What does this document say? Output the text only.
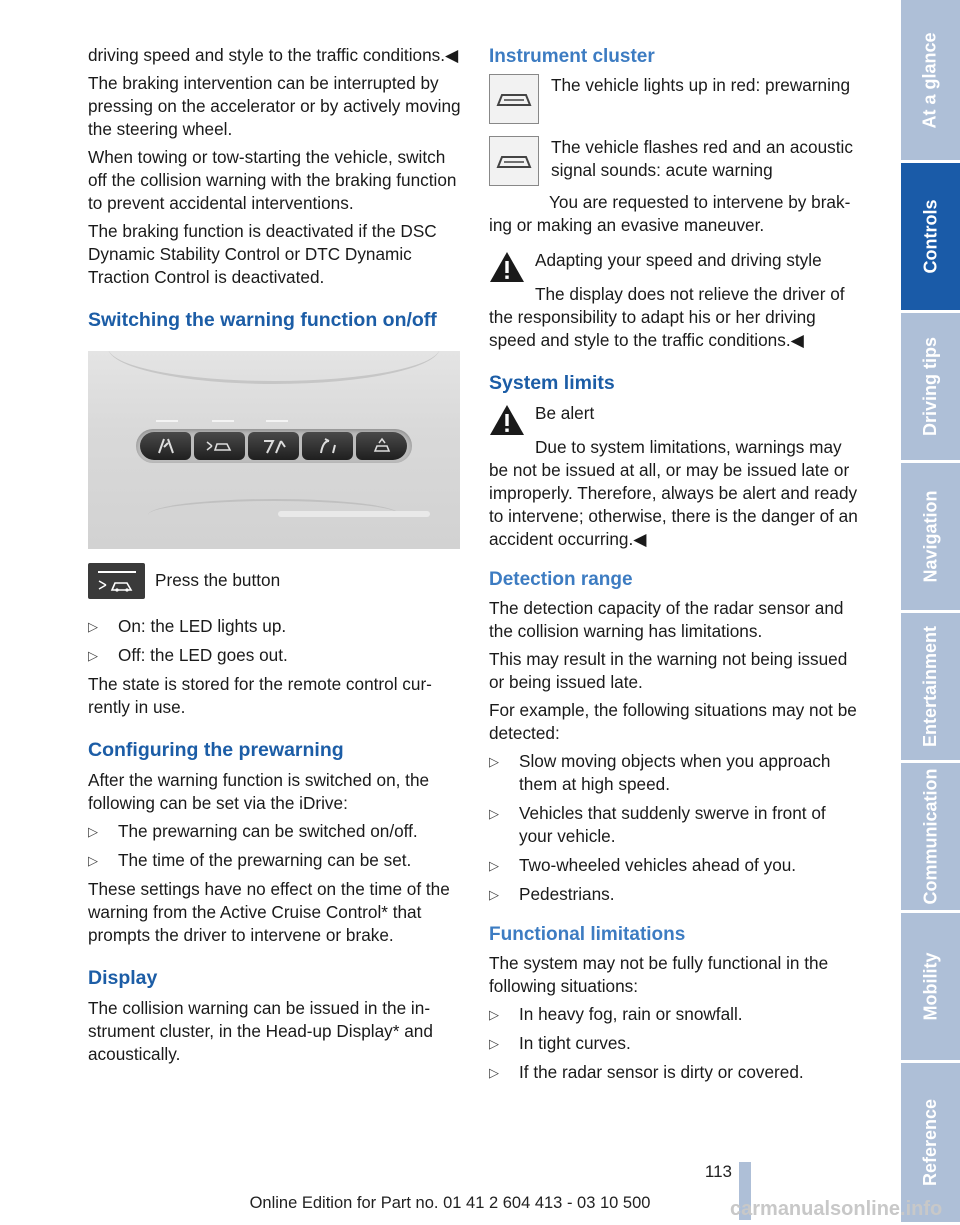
driving speed and style to the traffic conditions.◀

The braking intervention can be interrupted by pressing on the accelerator or by actively moving the steering wheel.

When towing or tow-starting the vehicle, switch off the collision warning with the braking function to prevent accidental interventions.

The braking function is deactivated if the DSC Dynamic Stability Control or DTC Dynamic Traction Control is deactivated.

Switching the warning function on/off

Press the button

▷ On: the LED lights up.
▷ Off: the LED goes out.

The state is stored for the remote control currently in use.

Configuring the prewarning

After the warning function is switched on, the following can be set via the iDrive:

▷ The prewarning can be switched on/off.
▷ The time of the prewarning can be set.

These settings have no effect on the time of the warning from the Active Cruise Control* that prompts the driver to intervene or brake.

Display

The collision warning can be issued in the instrument cluster, in the Head-up Display* and acoustically.

Instrument cluster

The vehicle lights up in red: prewarning

The vehicle flashes red and an acoustic signal sounds: acute warning

You are requested to intervene by braking or making an evasive maneuver.

Adapting your speed and driving style

The display does not relieve the driver of the responsibility to adapt his or her driving speed and style to the traffic conditions.◀

System limits

Be alert

Due to system limitations, warnings may be not be issued at all, or may be issued late or improperly. Therefore, always be alert and ready to intervene; otherwise, there is the danger of an accident occurring.◀

Detection range

The detection capacity of the radar sensor and the collision warning has limitations.

This may result in the warning not being issued or being issued late.

For example, the following situations may not be detected:

▷ Slow moving objects when you approach them at high speed.
▷ Vehicles that suddenly swerve in front of your vehicle.
▷ Two-wheeled vehicles ahead of you.
▷ Pedestrians.
Functional limitations

The system may not be fully functional in the following situations:

▷ In heavy fog, rain or snowfall.
▷ In tight curves.
▷ If the radar sensor is dirty or covered.
At a glance
Controls
Driving tips
Navigation
Entertainment
Communication
Mobility
Reference
113
Online Edition for Part no. 01 41 2 604 413 - 03 10 500	carmanualsonline.info
